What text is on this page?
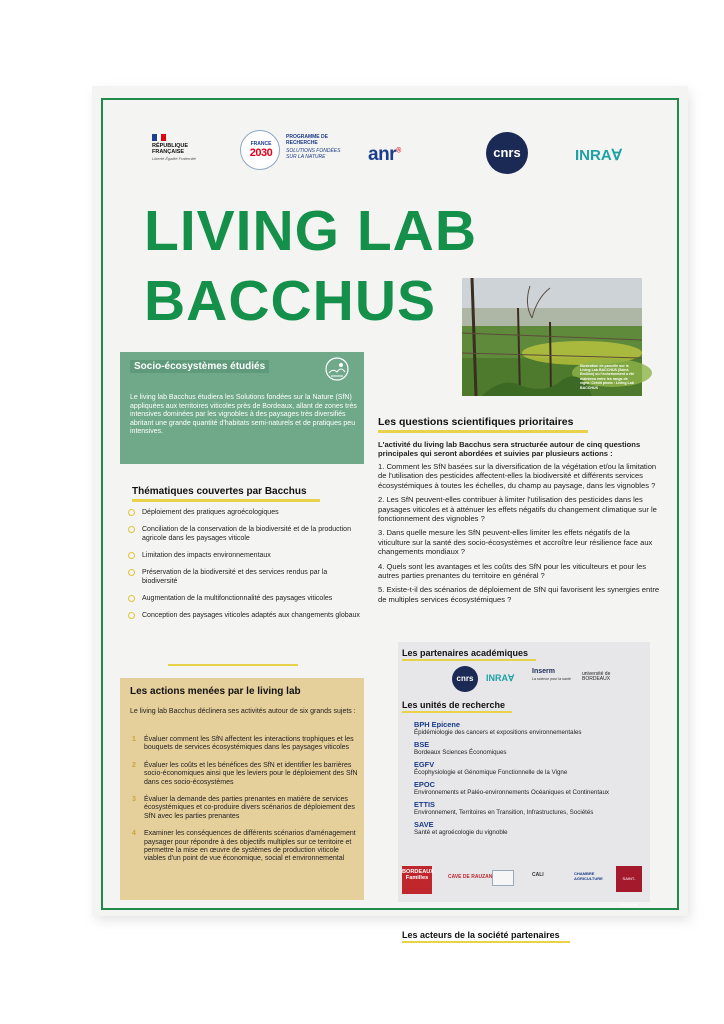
RÉPUBLIQUE FRANÇAISE
Liberté Égalité Fraternité
FRANCE
2030
PROGRAMME DE RECHERCHE
SOLUTIONS FONDÉES SUR LA NATURE	anr®	cnrs	INRAⱯ
LIVING LAB
BACCHUS
Illustration de parcelle sur le Living Lab BACCHUS (Saint-Emilion) où l'enherbement a été maintenu entre les rangs de vigne. Crédit photo : Living Lab BACCHUS
Socio-écosystèmes étudiés
Le living lab Bacchus étudiera les Solutions fondées sur la Nature (SfN) appliquées aux territoires viticoles près de Bordeaux, allant de zones très intensives dominées par les vignobles à des paysages très diversifiés abritant une grande quantité d'habitats semi-naturels et de pratiques peu intensives.
Thématiques couvertes par Bacchus
Déploiement des pratiques agroécologiques
Conciliation de la conservation de la biodiversité et de la production agricole dans les paysages viticole
Limitation des impacts environnementaux
Préservation de la biodiversité et des services rendus par la biodiversité
Augmentation de la multifonctionnalité des paysages viticoles
Conception des paysages viticoles adaptés aux changements globaux
Les actions menées par le living lab
Le living lab Bacchus déclinera ses activités autour de six grands sujets :
1 Évaluer comment les SfN affectent les interactions trophiques et les bouquets de services écosystémiques dans les paysages viticoles
2 Évaluer les coûts et les bénéfices des SfN et identifier les barrières socio-économiques ainsi que les leviers pour le déploiement des SfN dans ces socio-écosystèmes
3 Évaluer la demande des parties prenantes en matière de services écosystémiques et co-produire divers scénarios de déploiement des SfN avec les parties prenantes
4 Examiner les conséquences de différents scénarios d'aménagement paysager pour répondre à des objectifs multiples sur ce territoire et permettre la mise en œuvre de systèmes de production viticole viables d'un point de vue économique, social et environnemental
Les questions scientifiques prioritaires
L'activité du living lab Bacchus sera structurée autour de cinq questions principales qui seront abordées et suivies par plusieurs actions :
1. Comment les SfN basées sur la diversification de la végétation et/ou la limitation de l'utilisation des pesticides affectent-elles la biodiversité et différents services écosystémiques à toutes les échelles, du champ au paysage, dans les vignobles ?
2. Les SfN peuvent-elles contribuer à limiter l'utilisation des pesticides dans les paysages viticoles et à atténuer les effets négatifs du changement climatique sur le fonctionnement des vignobles ?
3. Dans quelle mesure les SfN peuvent-elles limiter les effets négatifs de la viticulture sur la santé des socio-écosystèmes et accroître leur résilience face aux changements mondiaux ?
4. Quels sont les avantages et les coûts des SfN pour les viticulteurs et pour les autres parties prenantes du territoire en général ?
5. Existe-t-il des scénarios de déploiement de SfN qui favorisent les synergies entre de multiples services écosystémiques ?
Les partenaires académiques
cnrs	INRAⱯ
Inserm
La science pour la santé
université de BORDEAUX
Les unités de recherche
BPH Epicene
Épidémiologie des cancers et expositions environnementales
BSE
Bordeaux Sciences Économiques
EGFV
Écophysiologie et Génomique Fonctionnelle de la Vigne
EPOC
Environnements et Paléo-environnements Océaniques et Continentaux
ETTIS
Environnement, Territoires en Transition, Infrastructures, Sociétés
SAVE
Santé et agroécologie du vignoble
Les acteurs de la société partenaires
BORDEAUX Familles	CAVE DE RAUZAN	CALI	CHAMBRE AGRICULTURE	SAINT-ÉMILION
